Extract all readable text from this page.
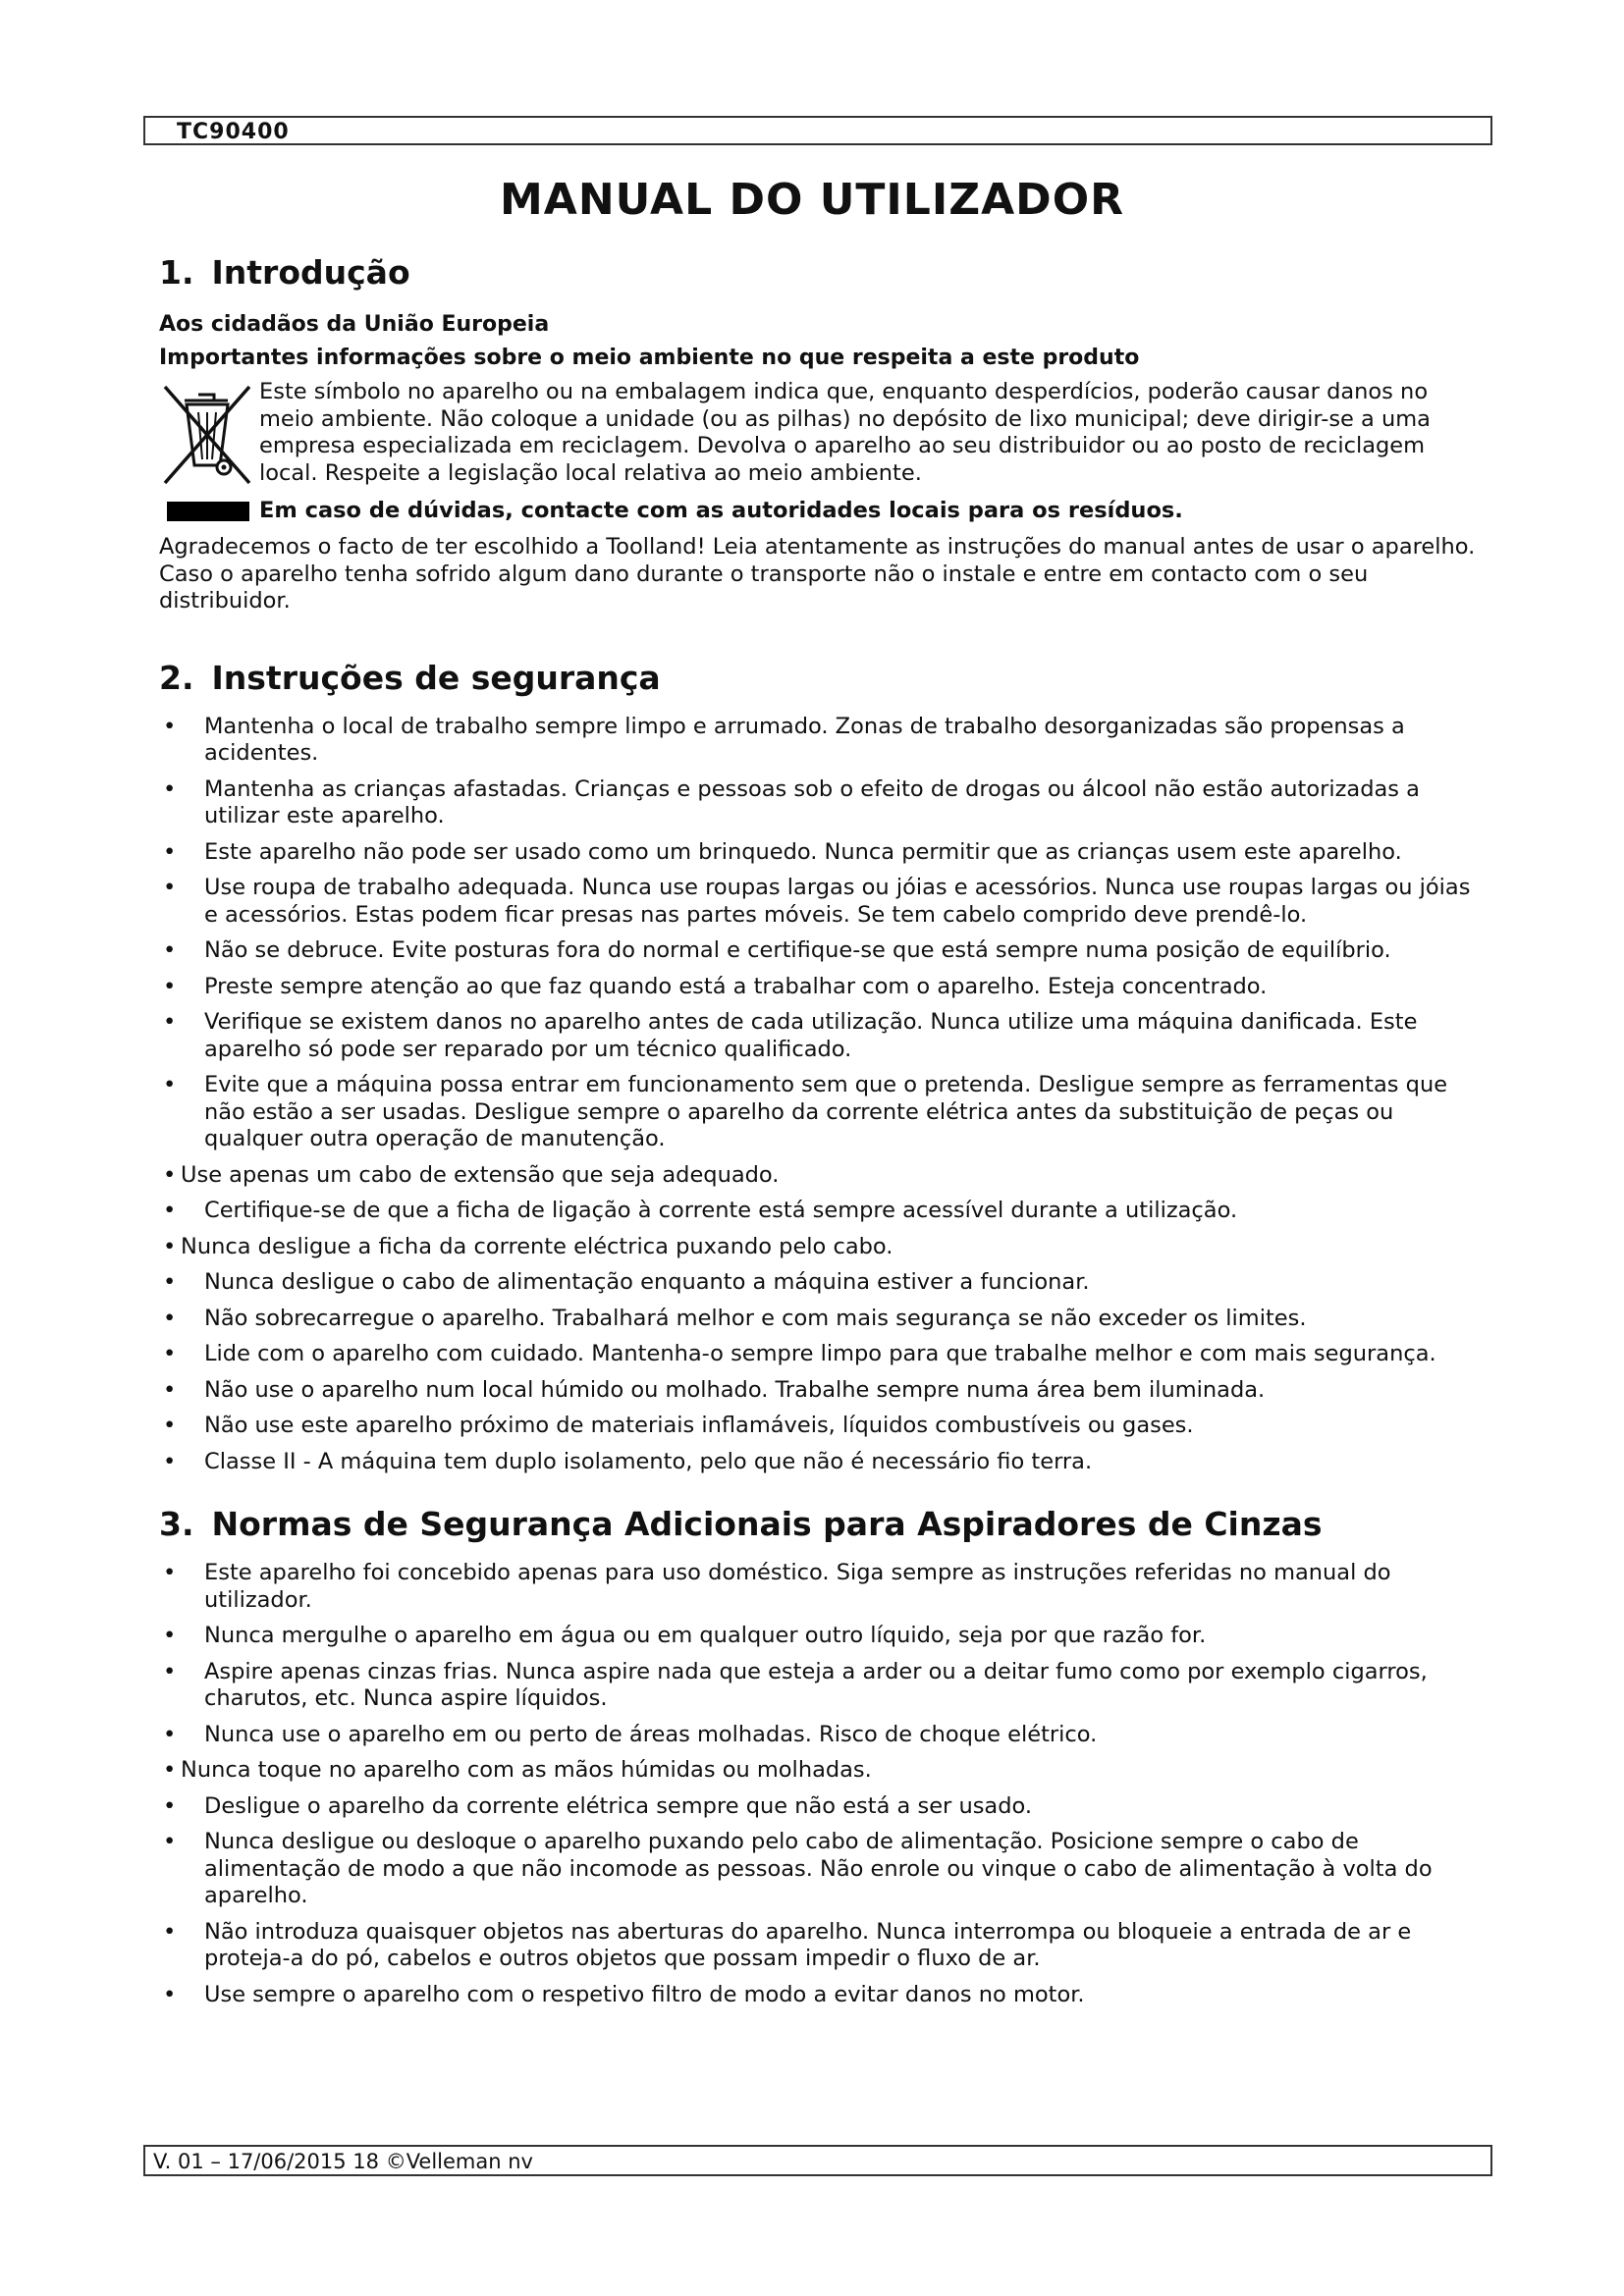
TC90400
MANUAL DO UTILIZADOR
1. Introdução

Aos cidadãos da União Europeia

Importantes informações sobre o meio ambiente no que respeita a este produto

Este símbolo no aparelho ou na embalagem indica que, enquanto desperdícios, poderão causar danos no meio ambiente. Não coloque a unidade (ou as pilhas) no depósito de lixo municipal; deve dirigir-se a uma empresa especializada em reciclagem. Devolva o aparelho ao seu distribuidor ou ao posto de reciclagem local. Respeite a legislação local relativa ao meio ambiente.
Em caso de dúvidas, contacte com as autoridades locais para os resíduos.

Agradecemos o facto de ter escolhido a Toolland! Leia atentamente as instruções do manual antes de usar o aparelho. Caso o aparelho tenha sofrido algum dano durante o transporte não o instale e entre em contacto com o seu distribuidor.

2. Instruções de segurança
• Mantenha o local de trabalho sempre limpo e arrumado. Zonas de trabalho desorganizadas são propensas a acidentes.
• Mantenha as crianças afastadas. Crianças e pessoas sob o efeito de drogas ou álcool não estão autorizadas a utilizar este aparelho.
• Este aparelho não pode ser usado como um brinquedo. Nunca permitir que as crianças usem este aparelho.
• Use roupa de trabalho adequada. Nunca use roupas largas ou jóias e acessórios. Nunca use roupas largas ou jóias e acessórios. Estas podem ficar presas nas partes móveis. Se tem cabelo comprido deve prendê-lo.
• Não se debruce. Evite posturas fora do normal e certifique-se que está sempre numa posição de equilíbrio.
• Preste sempre atenção ao que faz quando está a trabalhar com o aparelho. Esteja concentrado.
• Verifique se existem danos no aparelho antes de cada utilização. Nunca utilize uma máquina danificada. Este aparelho só pode ser reparado por um técnico qualificado.
• Evite que a máquina possa entrar em funcionamento sem que o pretenda. Desligue sempre as ferramentas que não estão a ser usadas. Desligue sempre o aparelho da corrente elétrica antes da substituição de peças ou qualquer outra operação de manutenção.
• Use apenas um cabo de extensão que seja adequado.
• Certifique-se de que a ficha de ligação à corrente está sempre acessível durante a utilização.
• Nunca desligue a ficha da corrente eléctrica puxando pelo cabo.
• Nunca desligue o cabo de alimentação enquanto a máquina estiver a funcionar.
• Não sobrecarregue o aparelho. Trabalhará melhor e com mais segurança se não exceder os limites.
• Lide com o aparelho com cuidado. Mantenha-o sempre limpo para que trabalhe melhor e com mais segurança.
• Não use o aparelho num local húmido ou molhado. Trabalhe sempre numa área bem iluminada.
• Não use este aparelho próximo de materiais inflamáveis, líquidos combustíveis ou gases.
• Classe II - A máquina tem duplo isolamento, pelo que não é necessário fio terra.
3. Normas de Segurança Adicionais para Aspiradores de Cinzas
• Este aparelho foi concebido apenas para uso doméstico. Siga sempre as instruções referidas no manual do utilizador.
• Nunca mergulhe o aparelho em água ou em qualquer outro líquido, seja por que razão for.
• Aspire apenas cinzas frias. Nunca aspire nada que esteja a arder ou a deitar fumo como por exemplo cigarros, charutos, etc. Nunca aspire líquidos.
• Nunca use o aparelho em ou perto de áreas molhadas. Risco de choque elétrico.
• Nunca toque no aparelho com as mãos húmidas ou molhadas.
• Desligue o aparelho da corrente elétrica sempre que não está a ser usado.
• Nunca desligue ou desloque o aparelho puxando pelo cabo de alimentação. Posicione sempre o cabo de alimentação de modo a que não incomode as pessoas. Não enrole ou vinque o cabo de alimentação à volta do aparelho.
• Não introduza quaisquer objetos nas aberturas do aparelho. Nunca interrompa ou bloqueie a entrada de ar e proteja-a do pó, cabelos e outros objetos que possam impedir o fluxo de ar.
• Use sempre o aparelho com o respetivo filtro de modo a evitar danos no motor.
V. 01 – 17/06/2015 18 ©Velleman nv
